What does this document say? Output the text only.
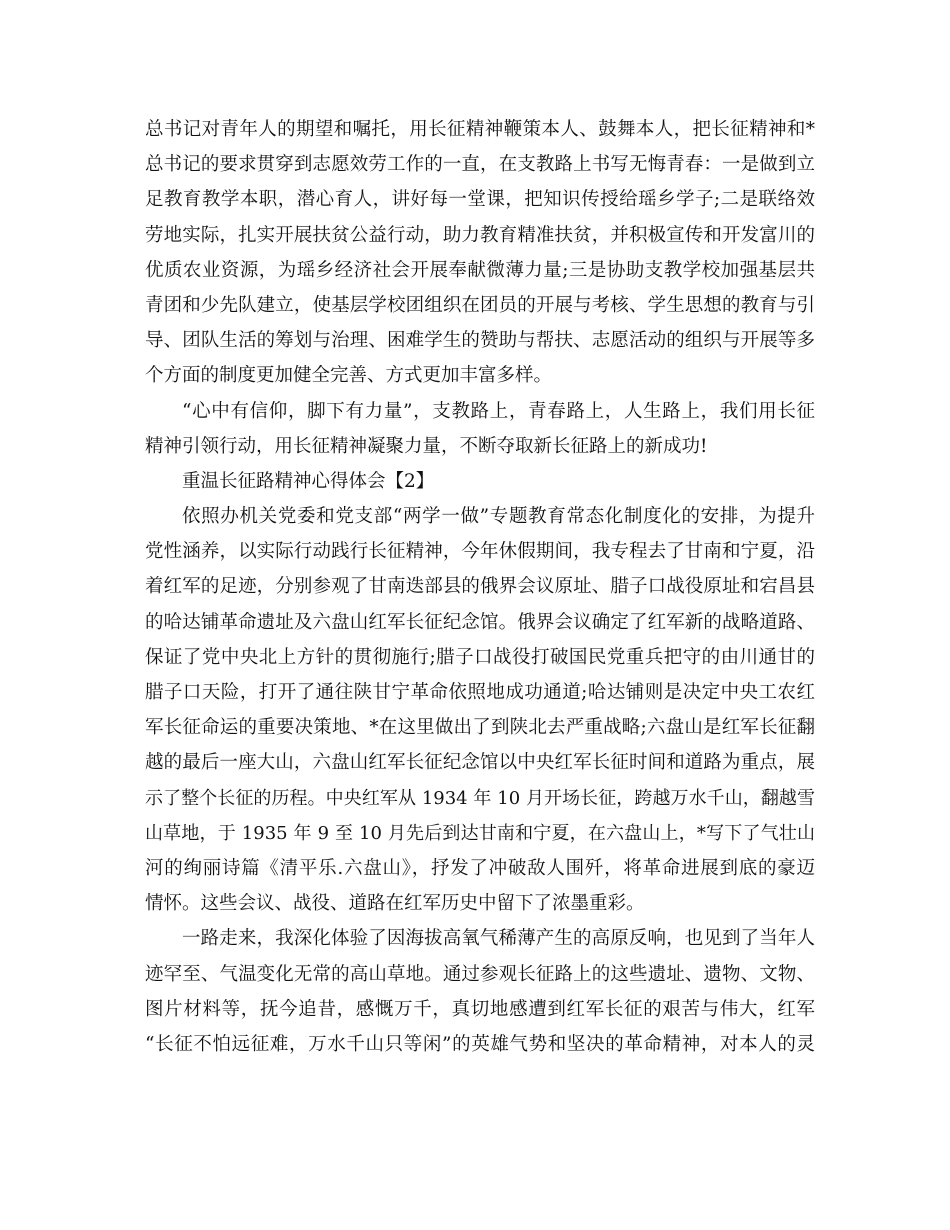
总书记对青年人的期望和嘱托，用长征精神鞭策本人、鼓舞本人，把长征精神和*
总书记的要求贯穿到志愿效劳工作的一直，在支教路上书写无悔青春：一是做到立
足教育教学本职，潜心育人，讲好每一堂课，把知识传授给瑶乡学子;二是联络效
劳地实际，扎实开展扶贫公益行动，助力教育精准扶贫，并积极宣传和开发富川的
优质农业资源，为瑶乡经济社会开展奉献微薄力量;三是协助支教学校加强基层共
青团和少先队建立，使基层学校团组织在团员的开展与考核、学生思想的教育与引
导、团队生活的筹划与治理、困难学生的赞助与帮扶、志愿活动的组织与开展等多
个方面的制度更加健全完善、方式更加丰富多样。
“心中有信仰，脚下有力量”，支教路上，青春路上，人生路上，我们用长征
精神引领行动，用长征精神凝聚力量，不断夺取新长征路上的新成功!
重温长征路精神心得体会【2】
依照办机关党委和党支部“两学一做”专题教育常态化制度化的安排，为提升
党性涵养，以实际行动践行长征精神，今年休假期间，我专程去了甘南和宁夏，沿
着红军的足迹，分别参观了甘南迭部县的俄界会议原址、腊子口战役原址和宕昌县
的哈达铺革命遗址及六盘山红军长征纪念馆。俄界会议确定了红军新的战略道路、
保证了党中央北上方针的贯彻施行;腊子口战役打破国民党重兵把守的由川通甘的
腊子口天险，打开了通往陕甘宁革命依照地成功通道;哈达铺则是决定中央工农红
军长征命运的重要决策地、*在这里做出了到陕北去严重战略;六盘山是红军长征翻
越的最后一座大山，六盘山红军长征纪念馆以中央红军长征时间和道路为重点，展
示了整个长征的历程。中央红军从 1934 年 10 月开场长征，跨越万水千山，翻越雪
山草地，于 1935 年 9 至 10 月先后到达甘南和宁夏，在六盘山上，*写下了气壮山
河的绚丽诗篇《清平乐.六盘山》，抒发了冲破敌人围歼，将革命进展到底的豪迈
情怀。这些会议、战役、道路在红军历史中留下了浓墨重彩。
一路走来，我深化体验了因海拔高氧气稀薄产生的高原反响，也见到了当年人
迹罕至、气温变化无常的高山草地。通过参观长征路上的这些遗址、遗物、文物、
图片材料等，抚今追昔，感慨万千，真切地感遭到红军长征的艰苦与伟大，红军
“长征不怕远征难，万水千山只等闲”的英雄气势和坚决的革命精神，对本人的灵
